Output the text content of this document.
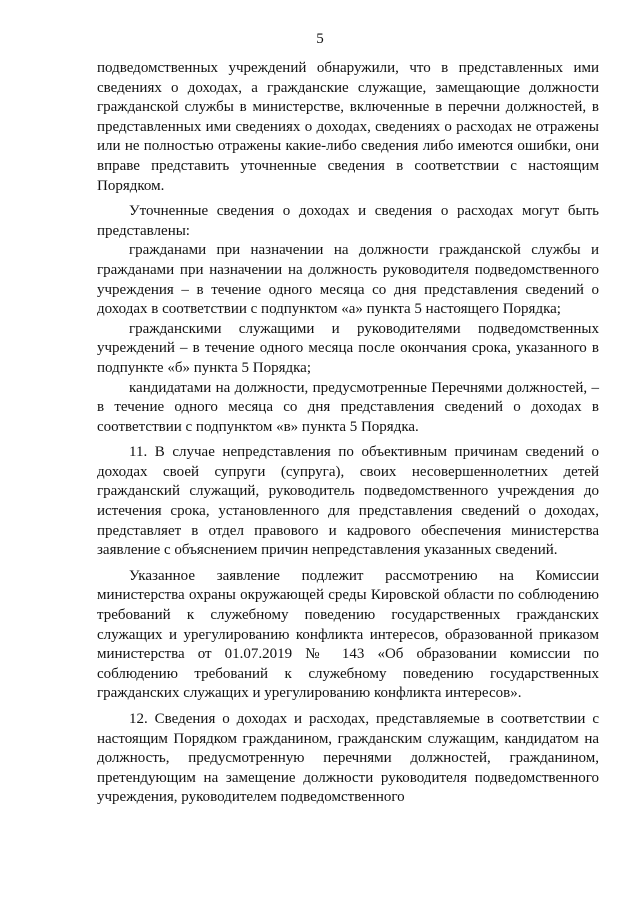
5

подведомственных учреждений обнаружили, что в представленных ими сведениях о доходах, а гражданские служащие, замещающие должности гражданской службы в министерстве, включенные в перечни должностей, в представленных ими сведениях о доходах, сведениях о расходах не отражены или не полностью отражены какие-либо сведения либо имеются ошибки, они вправе представить уточненные сведения в соответствии с настоящим Порядком.

Уточненные сведения о доходах и сведения о расходах могут быть представлены:

гражданами при назначении на должности гражданской службы и гражданами при назначении на должность руководителя подведомственного учреждения – в течение одного месяца со дня представления сведений о доходах в соответствии с подпунктом «а» пункта 5 настоящего Порядка;

гражданскими служащими и руководителями подведомственных учреждений – в течение одного месяца после окончания срока, указанного в подпункте «б» пункта 5 Порядка;

кандидатами на должности, предусмотренные Перечнями должностей, – в течение одного месяца со дня представления сведений о доходах в соответствии с подпунктом «в» пункта 5 Порядка.

11. В случае непредставления по объективным причинам сведений о доходах своей супруги (супруга), своих несовершеннолетних детей гражданский служащий, руководитель подведомственного учреждения до истечения срока, установленного для представления сведений о доходах, представляет в отдел правового и кадрового обеспечения министерства заявление с объяснением причин непредставления указанных сведений.

Указанное заявление подлежит рассмотрению на Комиссии министерства охраны окружающей среды Кировской области по соблюдению требований к служебному поведению государственных гражданских служащих и урегулированию конфликта интересов, образованной приказом министерства от 01.07.2019 № 143 «Об образовании комиссии по соблюдению требований к служебному поведению государственных гражданских служащих и урегулированию конфликта интересов».

12. Сведения о доходах и расходах, представляемые в соответствии с настоящим Порядком гражданином, гражданским служащим, кандидатом на должность, предусмотренную перечнями должностей, гражданином, претендующим на замещение должности руководителя подведомственного учреждения, руководителем подведомственного
